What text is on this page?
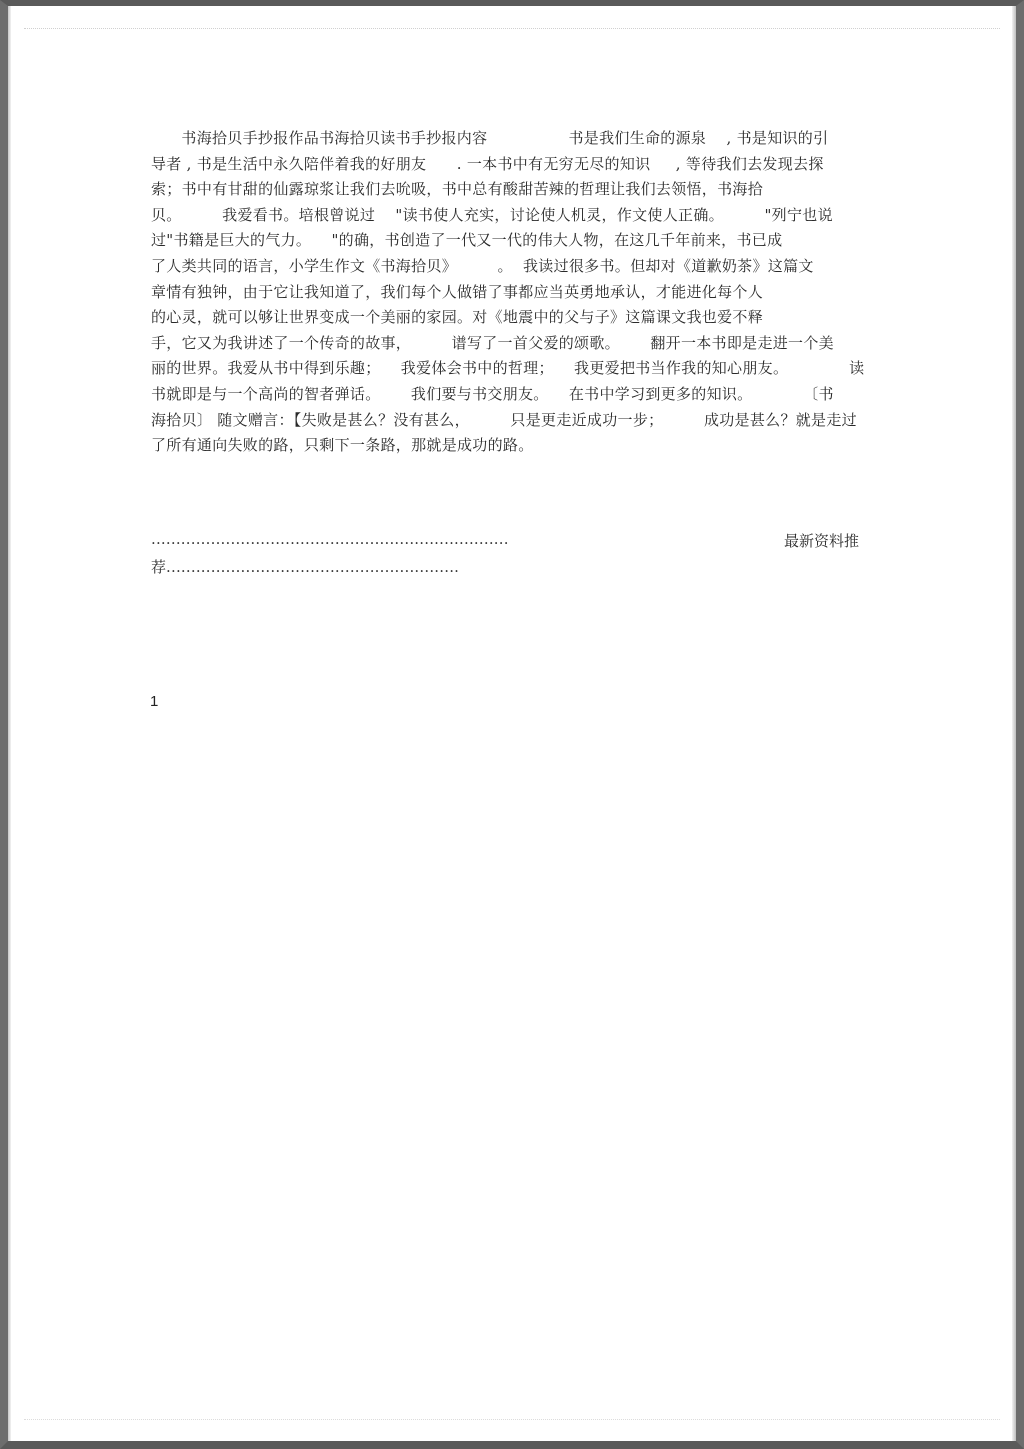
书海拾贝手抄报作品书海拾贝读书手抄报内容                书是我们生命的源泉    , 书是知识的引
导者 , 书是生活中永久陪伴着我的好朋友      . 一本书中有无穷无尽的知识     , 等待我们去发现去探
索；书中有甘甜的仙露琼浆让我们去吮吸，书中总有酸甜苦辣的哲理让我们去领悟，书海拾
贝。        我爱看书。培根曾说过    "读书使人充实，讨论使人机灵，作文使人正确。        "列宁也说
过"书籍是巨大的气力。    "的确，书创造了一代又一代的伟大人物，在这几千年前来，书已成
了人类共同的语言，小学生作文《书海拾贝》        。  我读过很多书。但却对《道歉奶茶》这篇文
章情有独钟，由于它让我知道了，我们每个人做错了事都应当英勇地承认，才能进化每个人
的心灵，就可以够让世界变成一个美丽的家园。对《地震中的父与子》这篇课文我也爱不释
手，它又为我讲述了一个传奇的故事，        谱写了一首父爱的颂歌。      翻开一本书即是走进一个美
丽的世界。我爱从书中得到乐趣；    我爱体会书中的哲理；    我更爱把书当作我的知心朋友。            读
书就即是与一个高尚的智者弹话。      我们要与书交朋友。    在书中学习到更多的知识。          〔书
海拾贝〕 随文赠言：【失败是甚么？没有甚么，        只是更走近成功一步；        成功是甚么？就是走过
了所有通向失败的路，只剩下一条路，那就是成功的路。
........................................................................	最新资料推
荐...........................................................
1
